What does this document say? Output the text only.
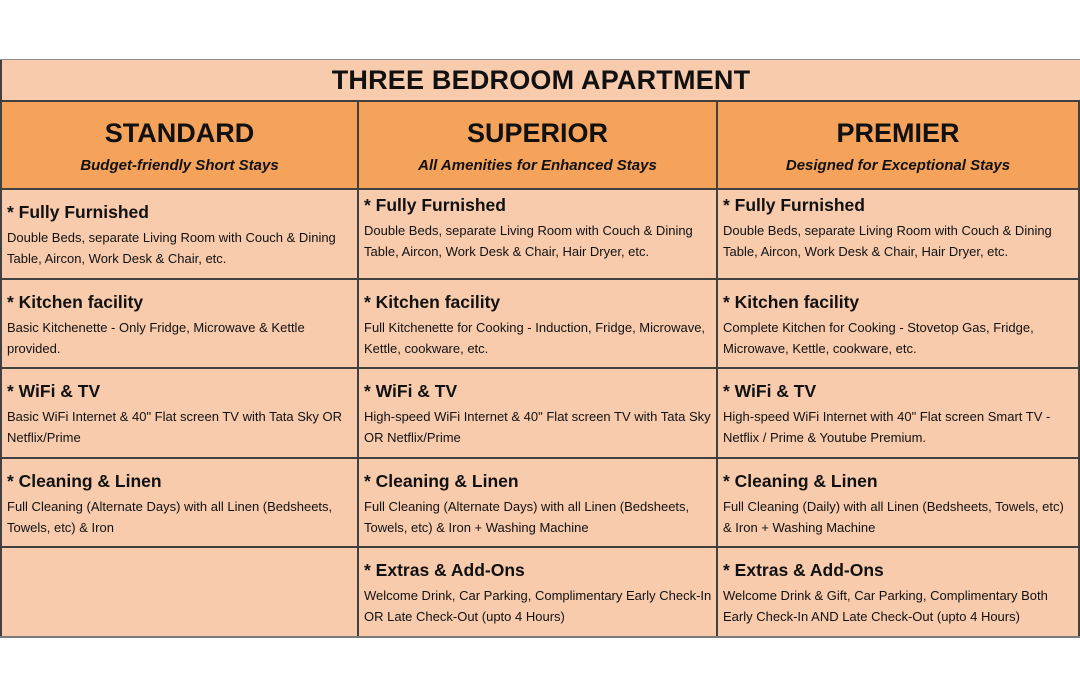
THREE BEDROOM APARTMENT
STANDARD
Budget-friendly Short Stays
SUPERIOR
All Amenities for Enhanced Stays
PREMIER
Designed for Exceptional Stays
* Fully Furnished
Double Beds, separate Living Room with Couch & Dining Table, Aircon, Work Desk & Chair, etc.
* Fully Furnished
Double Beds, separate Living Room with Couch & Dining Table, Aircon, Work Desk & Chair, Hair Dryer, etc.
* Fully Furnished
Double Beds, separate Living Room with Couch & Dining Table, Aircon, Work Desk & Chair, Hair Dryer, etc.
* Kitchen facility
Basic Kitchenette - Only Fridge, Microwave & Kettle provided.
* Kitchen facility
Full Kitchenette for Cooking - Induction, Fridge, Microwave, Kettle, cookware, etc.
* Kitchen facility
Complete Kitchen for Cooking - Stovetop Gas, Fridge, Microwave, Kettle, cookware, etc.
* WiFi & TV
Basic WiFi Internet & 40" Flat screen TV with Tata Sky OR Netflix/Prime
* WiFi & TV
High-speed WiFi Internet & 40" Flat screen TV with Tata Sky OR Netflix/Prime
* WiFi & TV
High-speed WiFi Internet with 40" Flat screen Smart TV - Netflix / Prime & Youtube Premium.
* Cleaning & Linen
Full Cleaning (Alternate Days) with all Linen (Bedsheets, Towels, etc) & Iron
* Cleaning & Linen
Full Cleaning (Alternate Days) with all Linen (Bedsheets, Towels, etc) & Iron + Washing Machine
* Cleaning & Linen
Full Cleaning (Daily) with all Linen (Bedsheets, Towels, etc) & Iron + Washing Machine
* Extras & Add-Ons
Welcome Drink, Car Parking, Complimentary Early Check-In OR Late Check-Out (upto 4 Hours)
* Extras & Add-Ons
Welcome Drink & Gift, Car Parking, Complimentary Both Early Check-In AND Late Check-Out (upto 4 Hours)
